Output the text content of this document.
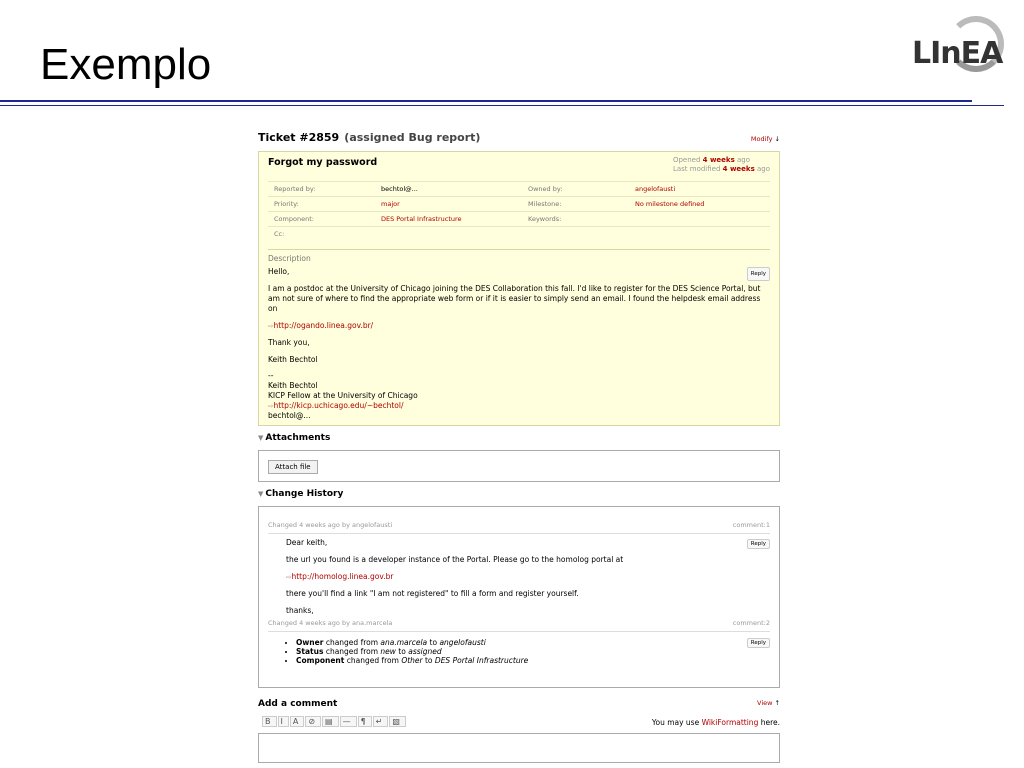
Exemplo	LInEA
Ticket #2859 (assigned Bug report)	Modify ↓
Forgot my password	Opened 4 weeks ago
Last modified 4 weeks ago
Reported by:	bechtol@...	Owned by:	angelofausti
Priority:	major	Milestone:	No milestone defined
Component:	DES Portal Infrastructure	Keywords:	
Cc:			
Description
Reply

Hello,

I am a postdoc at the University of Chicago joining the DES Collaboration this fall. I'd like to register for the DES Science Portal, but am not sure of where to find the appropriate web form or if it is easier to simply send an email. I found the helpdesk email address on

⇨http://ogando.linea.gov.br/

Thank you,

Keith Bechtol

--
Keith Bechtol
KICP Fellow at the University of Chicago
⇨http://kicp.uchicago.edu/~bechtol/
bechtol@...
▼ Attachments
Attach file
▼ Change History
Changed 4 weeks ago by angelofausti	comment:1
Reply

Dear keith,

the url you found is a developer instance of the Portal. Please go to the homolog portal at

⇨http://homolog.linea.gov.br

there you'll find a link "I am not registered" to fill a form and register yourself.

thanks,

Changed 4 weeks ago by ana.marcela	comment:2
Reply
• Owner changed from ana.marcela to angelofausti
• Status changed from new to assigned
• Component changed from Other to DES Portal Infrastructure
Add a comment	View ↑
B I A ⊘ ▤ — ¶ ↵ ▧	You may use WikiFormatting here.
